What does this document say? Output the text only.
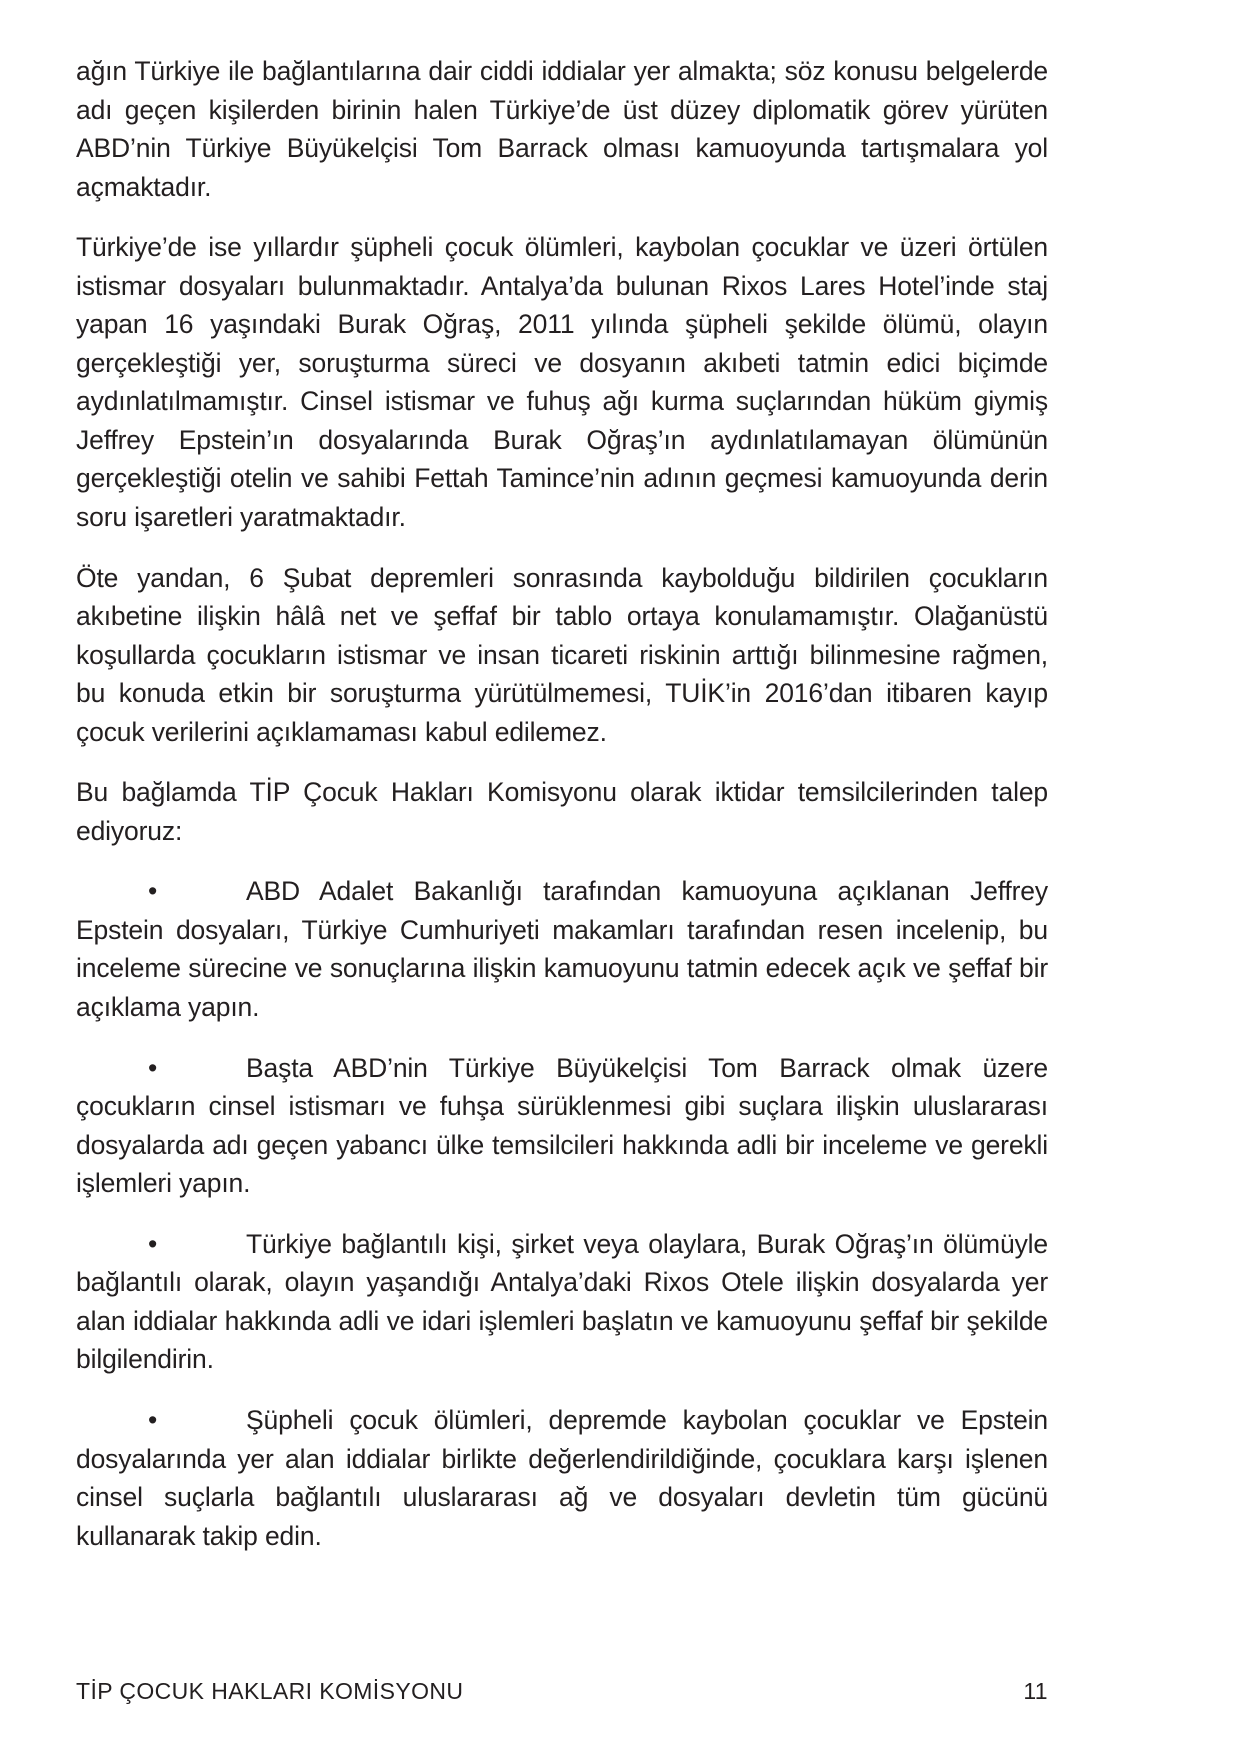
ağın Türkiye ile bağlantılarına dair ciddi iddialar yer almakta; söz konusu belgelerde adı geçen kişilerden birinin halen Türkiye’de üst düzey diplomatik görev yürüten ABD’nin Türkiye Büyükelçisi Tom Barrack olması kamuoyunda tartışmalara yol açmaktadır.

Türkiye’de ise yıllardır şüpheli çocuk ölümleri, kaybolan çocuklar ve üzeri örtülen istismar dosyaları bulunmaktadır. Antalya’da bulunan Rixos Lares Hotel’inde staj yapan 16 yaşındaki Burak Oğraş, 2011 yılında şüpheli şekilde ölümü, olayın gerçekleştiği yer, soruşturma süreci ve dosyanın akıbeti tatmin edici biçimde aydınlatılmamıştır. Cinsel istismar ve fuhuş ağı kurma suçlarından hüküm giymiş Jeffrey Epstein’ın dosyalarında Burak Oğraş’ın aydınlatılamayan ölümünün gerçekleştiği otelin ve sahibi Fettah Tamince’nin adının geçmesi kamuoyunda derin soru işaretleri yaratmaktadır.

Öte yandan, 6 Şubat depremleri sonrasında kaybolduğu bildirilen çocukların akıbetine ilişkin hâlâ net ve şeffaf bir tablo ortaya konulamamıştır. Olağanüstü koşullarda çocukların istismar ve insan ticareti riskinin arttığı bilinmesine rağmen, bu konuda etkin bir soruşturma yürütülmemesi, TUİK’in 2016’dan itibaren kayıp çocuk verilerini açıklamaması kabul edilemez.

Bu bağlamda TİP Çocuk Hakları Komisyonu olarak iktidar temsilcilerinden talep ediyoruz:

•	ABD Adalet Bakanlığı tarafından kamuoyuna açıklanan Jeffrey Epstein dosyaları, Türkiye Cumhuriyeti makamları tarafından resen incelenip, bu inceleme sürecine ve sonuçlarına ilişkin kamuoyunu tatmin edecek açık ve şeffaf bir açıklama yapın.

•	Başta ABD’nin Türkiye Büyükelçisi Tom Barrack olmak üzere çocukların cinsel istismarı ve fuhşa sürüklenmesi gibi suçlara ilişkin uluslararası dosyalarda adı geçen yabancı ülke temsilcileri hakkında adli bir inceleme ve gerekli işlemleri yapın.

•	Türkiye bağlantılı kişi, şirket veya olaylara, Burak Oğraş’ın ölümüyle bağlantılı olarak, olayın yaşandığı Antalya’daki Rixos Otele ilişkin dosyalarda yer alan iddialar hakkında adli ve idari işlemleri başlatın ve kamuoyunu şeffaf bir şekilde bilgilendirin.

•	Şüpheli çocuk ölümleri, depremde kaybolan çocuklar ve Epstein dosyalarında yer alan iddialar birlikte değerlendirildiğinde, çocuklara karşı işlenen cinsel suçlarla bağlantılı uluslararası ağ ve dosyaları devletin tüm gücünü kullanarak takip edin.

TİP ÇOCUK HAKLARI KOMİSYONU	11
